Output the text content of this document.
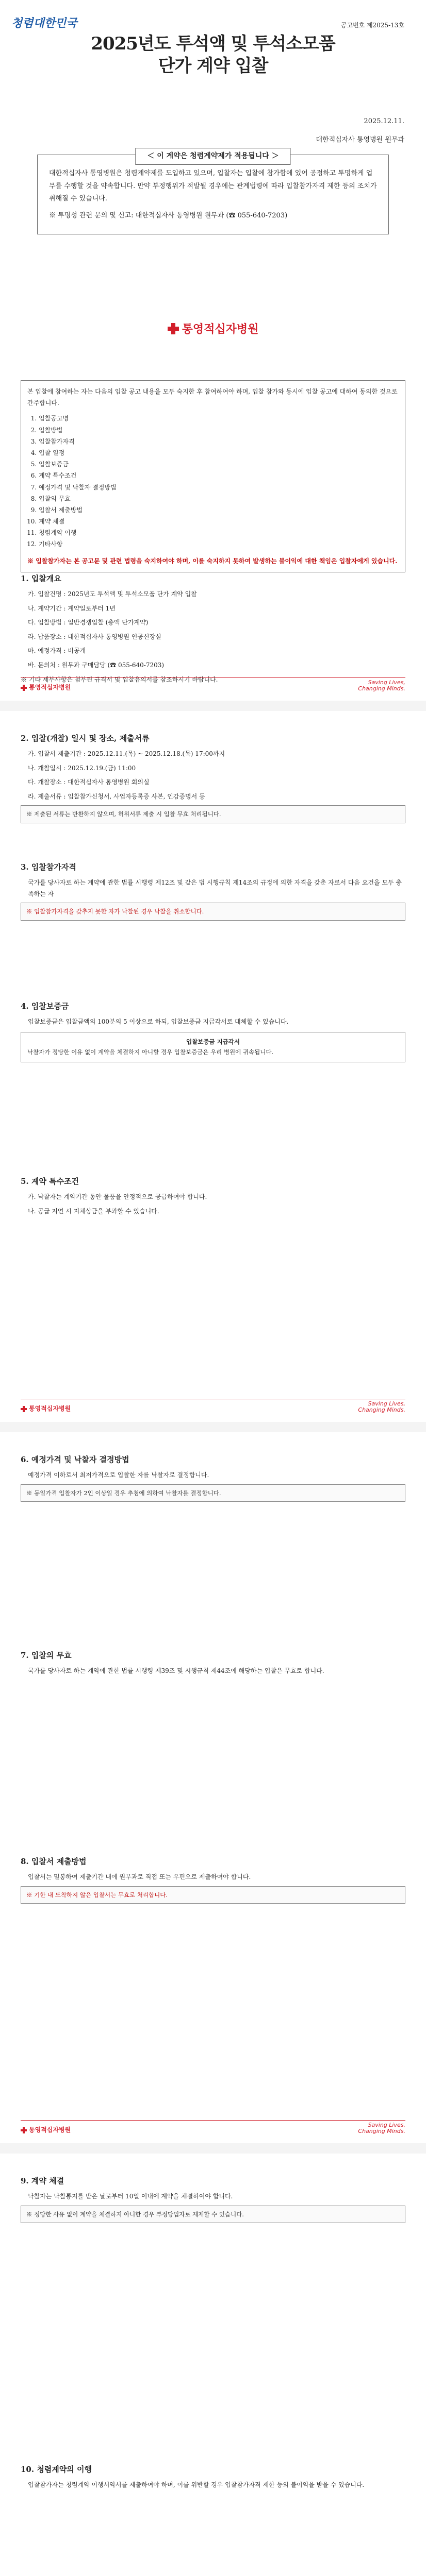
청렴대한민국	공고번호 제2025-13호
2025년도 투석액 및 투석소모품
단가 계약 입찰
2025.12.11.
대한적십자사 통영병원 원무과
＜ 이 계약은 청렴계약제가 적용됩니다 ＞

대한적십자사 통영병원은 청렴계약제를 도입하고 있으며, 입찰자는 입찰에 참가함에 있어 공정하고 투명하게 업무를 수행할 것을 약속합니다. 만약 부정행위가 적발될 경우에는 관계법령에 따라 입찰참가자격 제한 등의 조치가 취해질 수 있습니다.

※ 투명성 관련 문의 및 신고: 대한적십자사 통영병원 원무과 (☎ 055-640-7203)

통영적십자병원
본 입찰에 참여하는 자는 다음의 입찰 공고 내용을 모두 숙지한 후 참여하여야 하며, 입찰 참가와 동시에 입찰 공고에 대하여 동의한 것으로 간주합니다.
1. 입찰공고명
2. 입찰방법
3. 입찰참가자격
4. 입찰 일정
5. 입찰보증금
6. 계약 특수조건
7. 예정가격 및 낙찰자 결정방법
8. 입찰의 무효
9. 입찰서 제출방법
10. 계약 체결
11. 청렴계약 이행
12. 기타사항
※ 입찰참가자는 본 공고문 및 관련 법령을 숙지하여야 하며, 이를 숙지하지 못하여 발생하는 불이익에 대한 책임은 입찰자에게 있습니다.
1. 입찰개요
가. 입찰건명 : 2025년도 투석액 및 투석소모품 단가 계약 입찰
나. 계약기간 : 계약일로부터 1년
다. 입찰방법 : 일반경쟁입찰 (총액 단가계약)
라. 납품장소 : 대한적십자사 통영병원 인공신장실
마. 예정가격 : 비공개
바. 문의처 : 원무과 구매담당 (☎ 055-640-7203)
※ 기타 세부사항은 첨부된 규격서 및 입찰유의서를 참조하시기 바랍니다.
통영적십자병원
Saving Lives,
Changing Minds.
2. 입찰(개찰) 일시 및 장소, 제출서류
가. 입찰서 제출기간 : 2025.12.11.(목) ~ 2025.12.18.(목) 17:00까지
나. 개찰일시 : 2025.12.19.(금) 11:00
다. 개찰장소 : 대한적십자사 통영병원 회의실
라. 제출서류 : 입찰참가신청서, 사업자등록증 사본, 인감증명서 등
※ 제출된 서류는 반환하지 않으며, 허위서류 제출 시 입찰 무효 처리됩니다.
3. 입찰참가자격
국가를 당사자로 하는 계약에 관한 법률 시행령 제12조 및 같은 법 시행규칙 제14조의 규정에 의한 자격을 갖춘 자로서 다음 요건을 모두 충족하는 자
※ 입찰참가자격을 갖추지 못한 자가 낙찰된 경우 낙찰을 취소합니다.
4. 입찰보증금
입찰보증금은 입찰금액의 100분의 5 이상으로 하되, 입찰보증금 지급각서로 대체할 수 있습니다.
입찰보증금 지급각서
낙찰자가 정당한 이유 없이 계약을 체결하지 아니할 경우 입찰보증금은 우리 병원에 귀속됩니다.
5. 계약 특수조건
가. 낙찰자는 계약기간 동안 물품을 안정적으로 공급하여야 합니다.
나. 공급 지연 시 지체상금을 부과할 수 있습니다.
통영적십자병원
Saving Lives,
Changing Minds.
6. 예정가격 및 낙찰자 결정방법
예정가격 이하로서 최저가격으로 입찰한 자를 낙찰자로 결정합니다.
※ 동일가격 입찰자가 2인 이상일 경우 추첨에 의하여 낙찰자를 결정합니다.
7. 입찰의 무효
국가를 당사자로 하는 계약에 관한 법률 시행령 제39조 및 시행규칙 제44조에 해당하는 입찰은 무효로 합니다.
8. 입찰서 제출방법
입찰서는 밀봉하여 제출기간 내에 원무과로 직접 또는 우편으로 제출하여야 합니다.
※ 기한 내 도착하지 않은 입찰서는 무효로 처리합니다.
통영적십자병원
Saving Lives,
Changing Minds.
9. 계약 체결
낙찰자는 낙찰통지를 받은 날로부터 10일 이내에 계약을 체결하여야 합니다.
※ 정당한 사유 없이 계약을 체결하지 아니한 경우 부정당업자로 제재할 수 있습니다.
10. 청렴계약의 이행
입찰참가자는 청렴계약 이행서약서를 제출하여야 하며, 이를 위반할 경우 입찰참가자격 제한 등의 불이익을 받을 수 있습니다.
